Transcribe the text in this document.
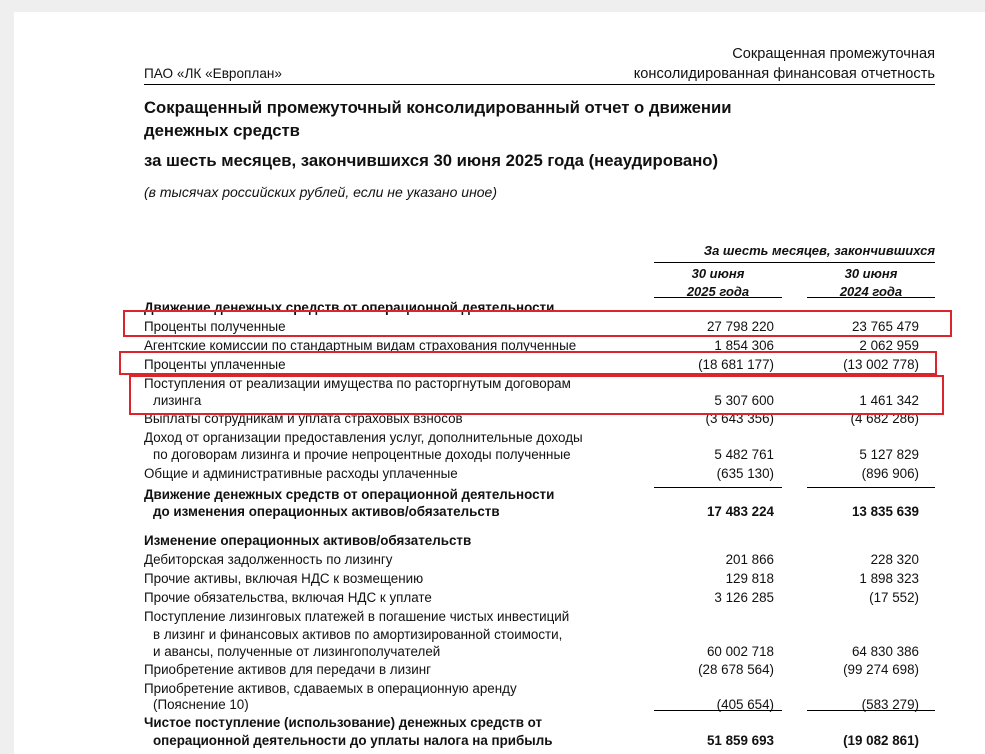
ПАО «ЛК «Европлан»
Сокращенная промежуточная
консолидированная финансовая отчетность
Сокращенный промежуточный консолидированный отчет о движении
денежных средств
за шесть месяцев, закончившихся 30 июня 2025 года (неаудировано)
(в тысячах российских рублей, если не указано иное)
За шесть месяцев, закончившихся
30 июня
2025 года
30 июня
2024 года
Движение денежных средств от операционной деятельности
Проценты полученные	27 798 220	23 765 479
Агентские комиссии по стандартным видам страхования полученные	1 854 306	2 062 959
Проценты уплаченные	(18 681 177)	(13 002 778)
Поступления от реализации имущества по расторгнутым договорам
лизинга	5 307 600	1 461 342
Выплаты сотрудникам и уплата страховых взносов	(3 643 356)	(4 682 286)
Доход от организации предоставления услуг, дополнительные доходы
по договорам лизинга и прочие непроцентные доходы полученные	5 482 761	5 127 829
Общие и административные расходы уплаченные	(635 130)	(896 906)
Движение денежных средств от операционной деятельности
до изменения операционных активов/обязательств	17 483 224	13 835 639
Изменение операционных активов/обязательств
Дебиторская задолженность по лизингу	201 866	228 320
Прочие активы, включая НДС к возмещению	129 818	1 898 323
Прочие обязательства, включая НДС к уплате	3 126 285	(17 552)
Поступление лизинговых платежей в погашение чистых инвестиций
в лизинг и финансовых активов по амортизированной стоимости,
и авансы, полученные от лизингополучателей	60 002 718	64 830 386
Приобретение активов для передачи в лизинг	(28 678 564)	(99 274 698)
Приобретение активов, сдаваемых в операционную аренду
(Пояснение 10)	(405 654)	(583 279)
Чистое поступление (использование) денежных средств от
операционной деятельности до уплаты налога на прибыль	51 859 693	(19 082 861)
